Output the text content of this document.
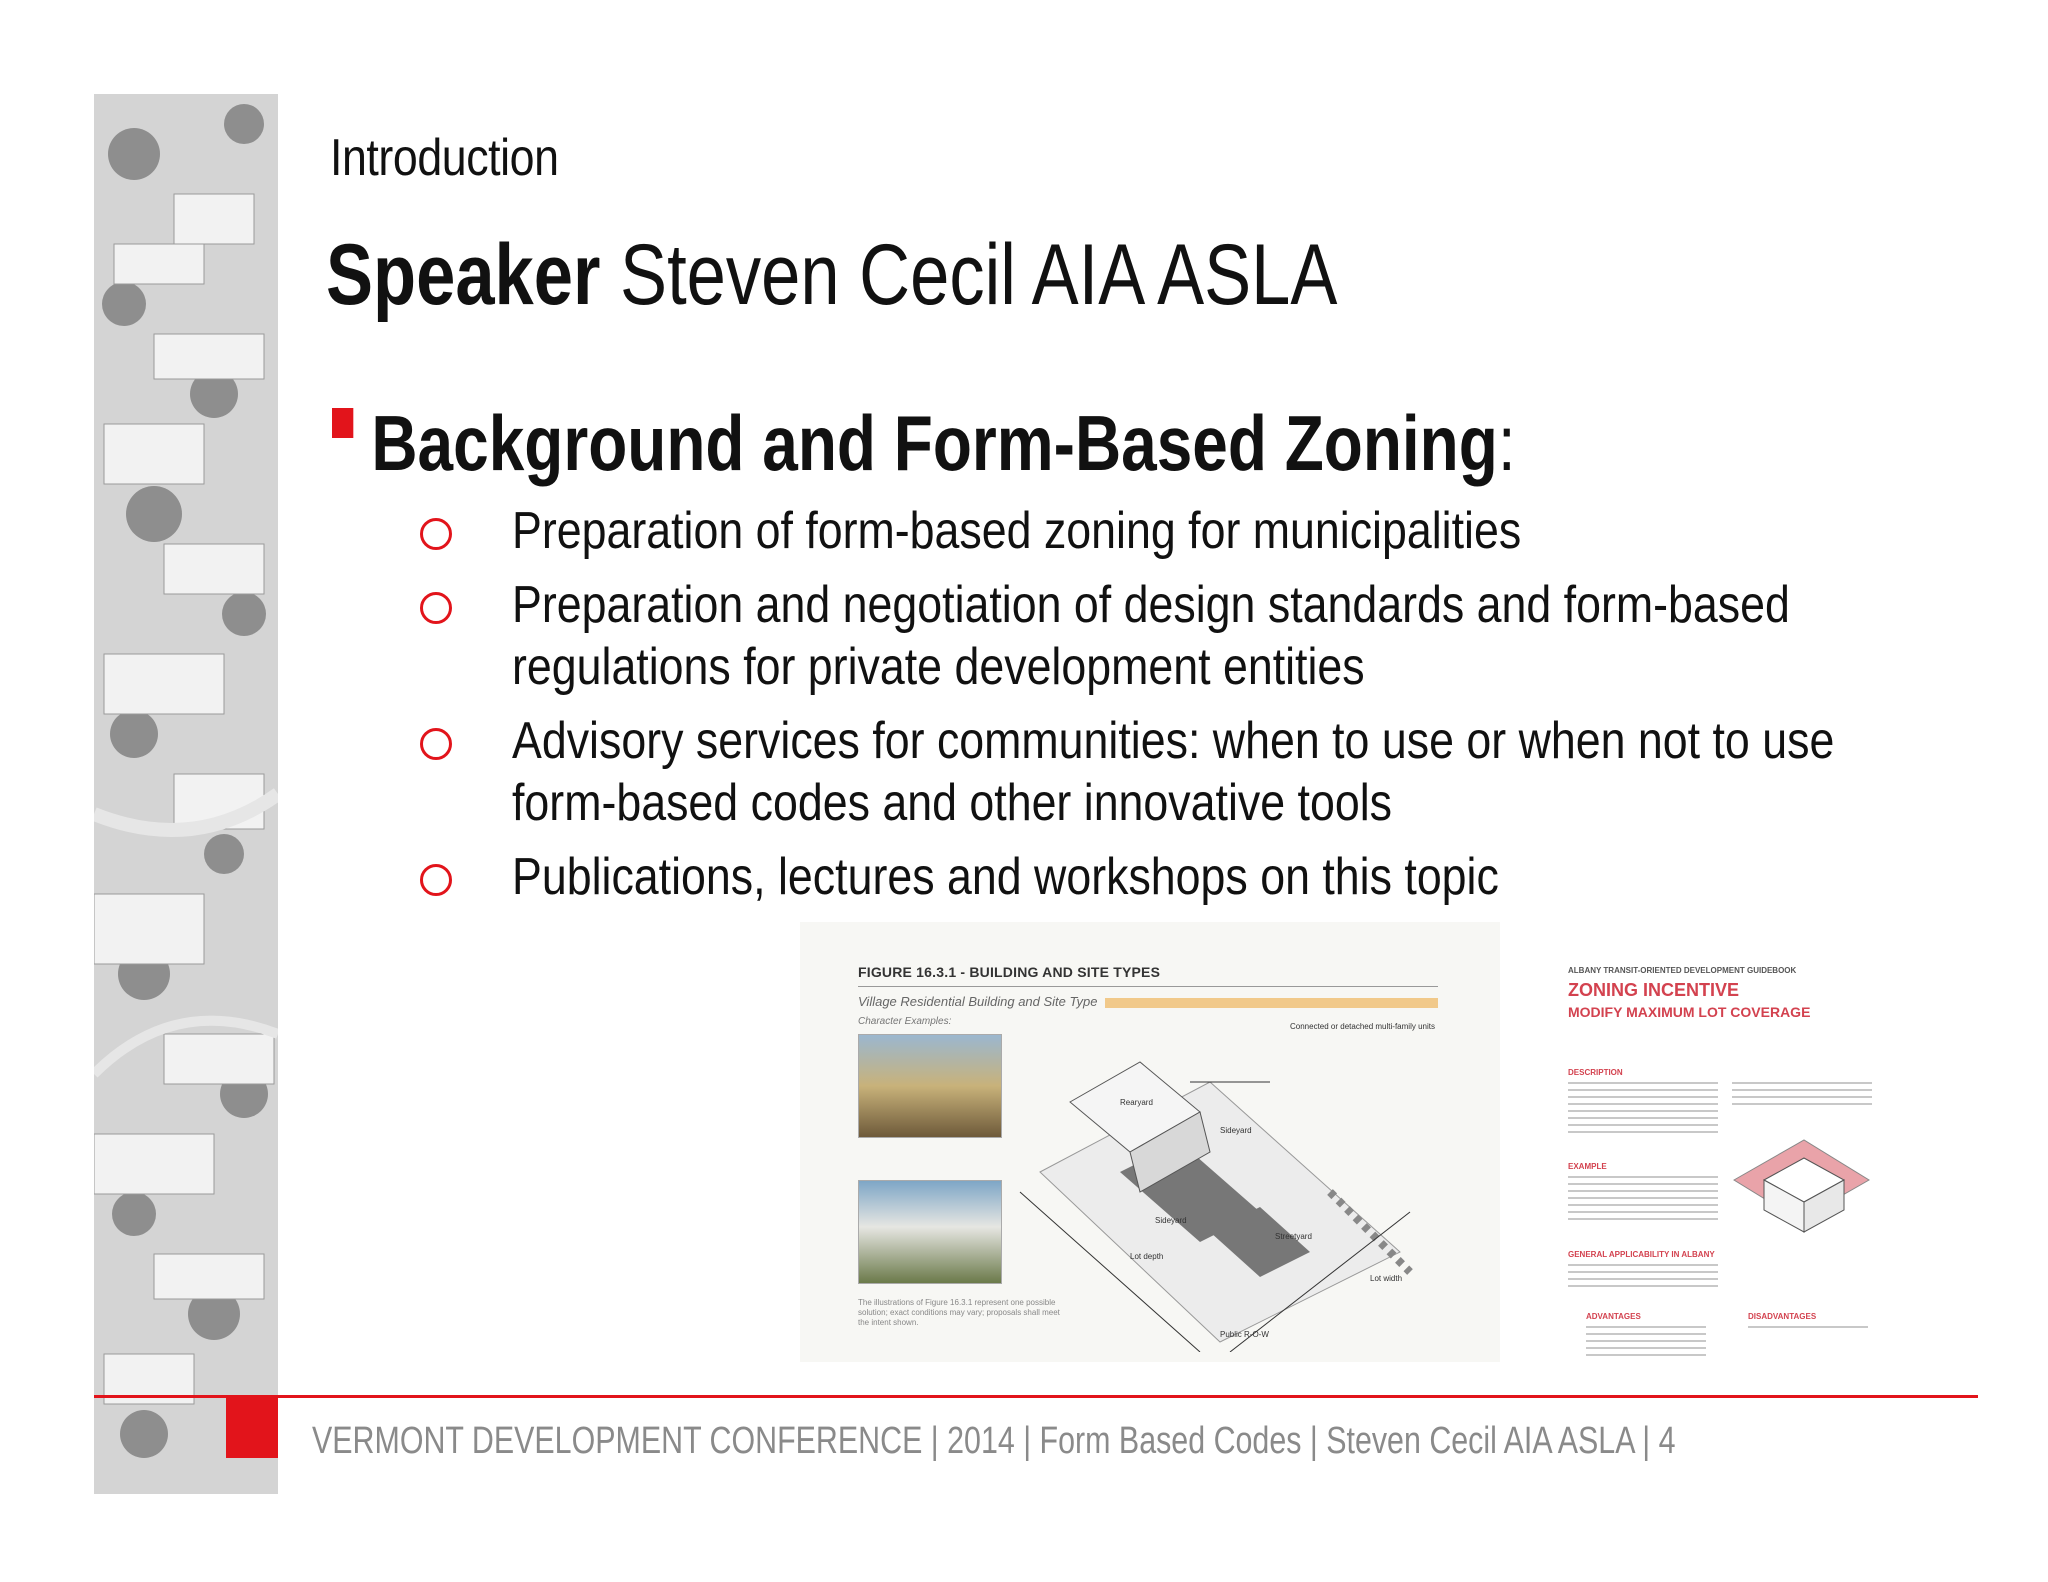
Introduction
Speaker Steven Cecil AIA ASLA
Background and Form-Based Zoning:
Preparation of form-based zoning for municipalities
Preparation and negotiation of design standards and form-based regulations for private development entities
Advisory services for communities: when to use or when not to use form-based codes and other innovative tools
Publications, lectures and workshops on this topic
FIGURE 16.3.1 - BUILDING AND SITE TYPES
Village Residential Building and Site Type
Character Examples:
The illustrations of Figure 16.3.1 represent one possible solution; exact conditions may vary; proposals shall meet the intent shown.
Connected or detached multi-family units
Rearyard
Sideyard
Sideyard
Streetyard
Lot depth
Lot width
Public R-O-W
ALBANY TRANSIT-ORIENTED DEVELOPMENT GUIDEBOOK
ZONING INCENTIVE
MODIFY MAXIMUM LOT COVERAGE
DESCRIPTION
EXAMPLE
GENERAL APPLICABILITY IN ALBANY
ADVANTAGES	DISADVANTAGES
VERMONT DEVELOPMENT CONFERENCE | 2014 | Form Based Codes | Steven Cecil AIA ASLA | 4
